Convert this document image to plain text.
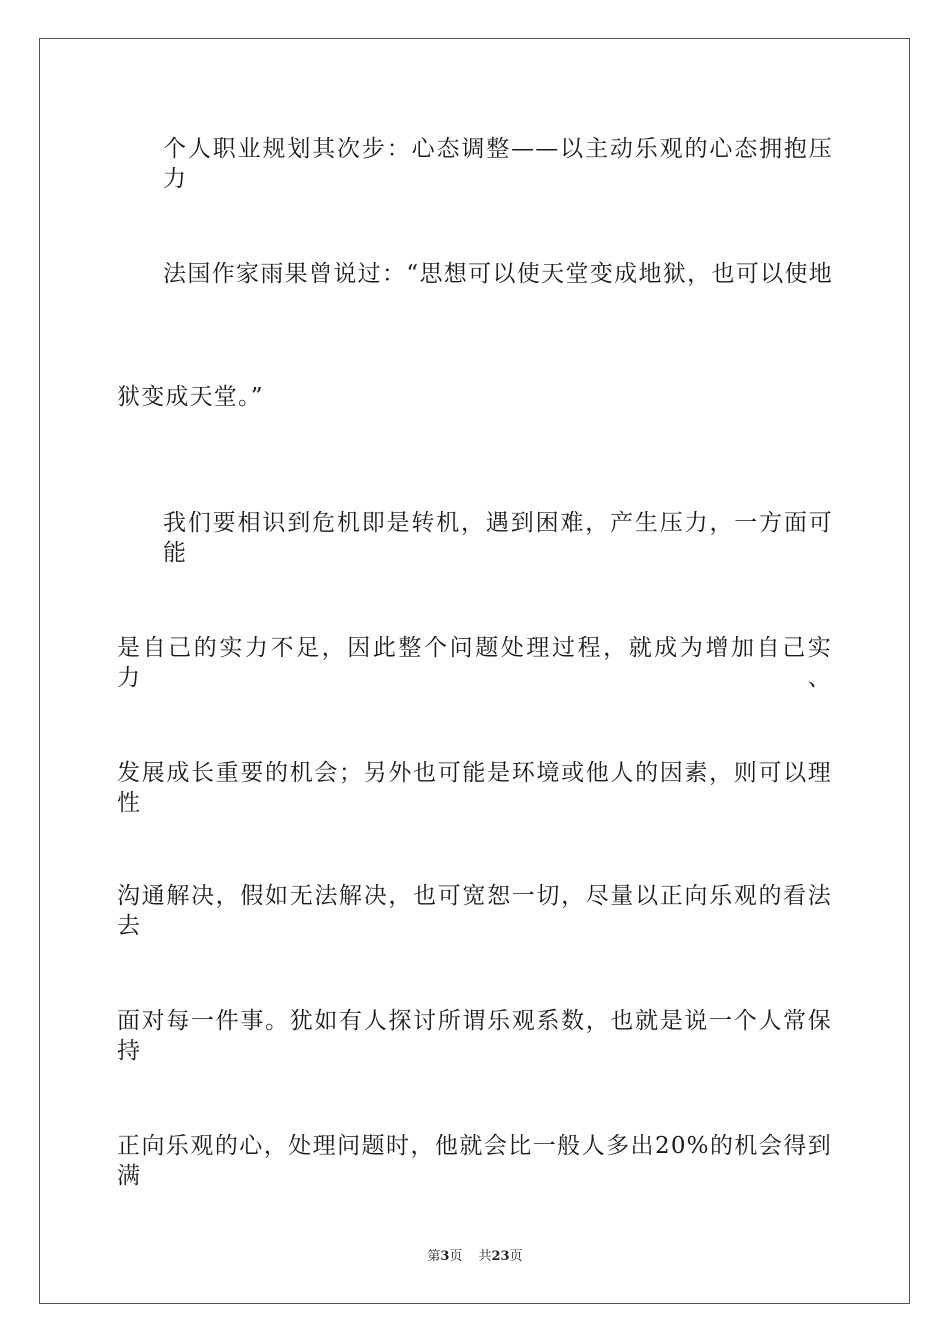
个人职业规划其次步：心态调整——以主动乐观的心态拥抱压力
法国作家雨果曾说过：“思想可以使天堂变成地狱，也可以使地
狱变成天堂。”
我们要相识到危机即是转机，遇到困难，产生压力，一方面可能
是自己的实力不足，因此整个问题处理过程，就成为增加自己实力、
发展成长重要的机会；另外也可能是环境或他人的因素，则可以理性
沟通解决，假如无法解决，也可宽恕一切，尽量以正向乐观的看法去
面对每一件事。犹如有人探讨所谓乐观系数，也就是说一个人常保持
正向乐观的心，处理问题时，他就会比一般人多出20%的机会得到满
第3页 共23页
